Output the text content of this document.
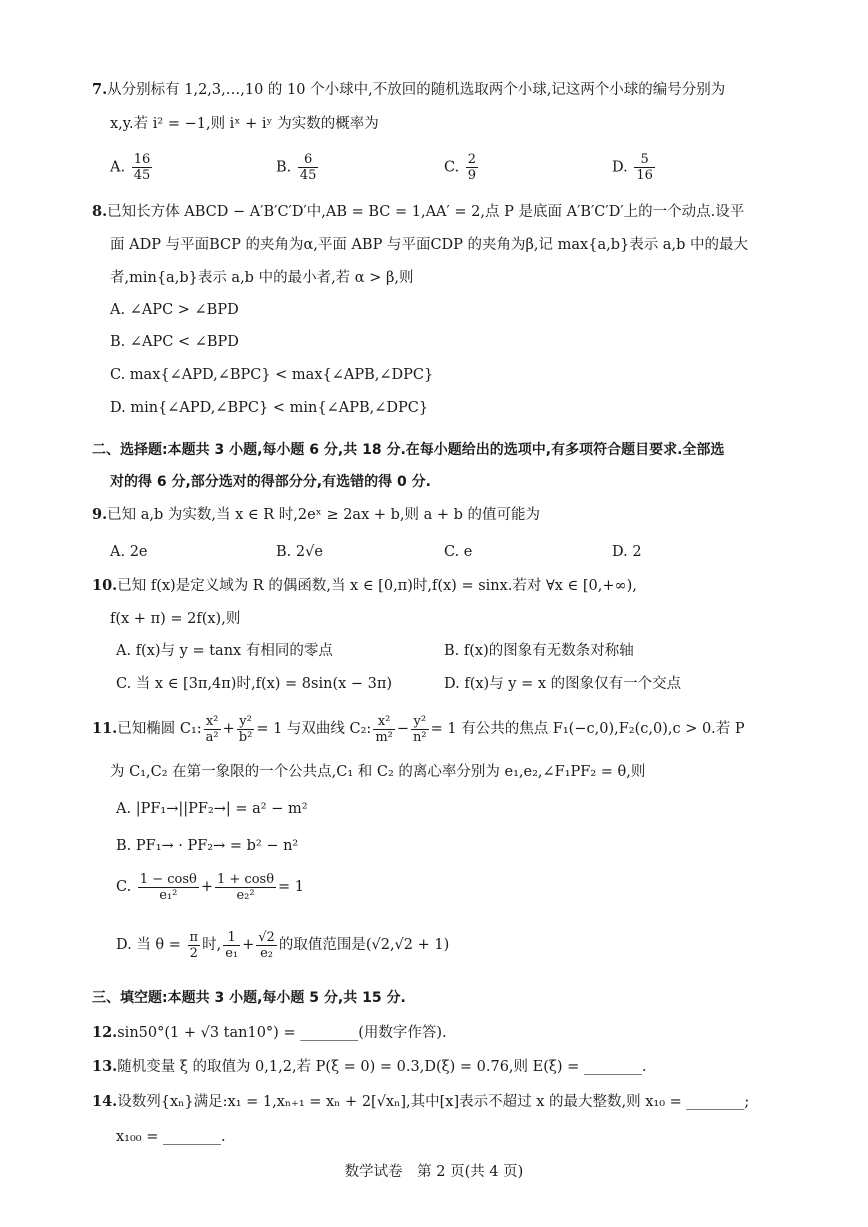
7.从分别标有 1,2,3,…,10 的 10 个小球中,不放回的随机选取两个小球,记这两个小球的编号分别为
x,y.若 i² = −1,则 iˣ + iʸ 为实数的概率为
A. $\frac{16}{45}$	B. $\frac{6}{45}$	C. $\frac{2}{9}$	D. $\frac{5}{16}$
8.已知长方体 ABCD − A′B′C′D′中,AB = BC = 1,AA′ = 2,点 P 是底面 A′B′C′D′上的一个动点.设平
面 ADP 与平面BCP 的夹角为α,平面 ABP 与平面CDP 的夹角为β,记 max{a,b}表示 a,b 中的最大
者,min{a,b}表示 a,b 中的最小者,若 α > β,则
A. ∠APC > ∠BPD
B. ∠APC < ∠BPD
C. max{∠APD,∠BPC} < max{∠APB,∠DPC}
D. min{∠APD,∠BPC} < min{∠APB,∠DPC}
二、选择题:本题共 3 小题,每小题 6 分,共 18 分.在每小题给出的选项中,有多项符合题目要求.全部选
对的得 6 分,部分选对的得部分分,有选错的得 0 分.
9.已知 a,b 为实数,当 x ∈ R 时,2eˣ ≥ 2ax + b,则 a + b 的值可能为
A. 2e	B. 2√e	C. e	D. 2
10.已知 f(x)是定义域为 R 的偶函数,当 x ∈ [0,π)时,f(x) = sinx.若对 ∀x ∈ [0,+∞),
f(x + π) = 2f(x),则
A. f(x)与 y = tanx 有相同的零点	B. f(x)的图象有无数条对称轴
C. 当 x ∈ [3π,4π)时,f(x) = 8sin(x − 3π)	D. f(x)与 y = x 的图象仅有一个交点
11.已知椭圆 C₁: $\frac{\text{x²}}{\text{a²}} + \frac{\text{y²}}{\text{b²}} = 1$ 与双曲线 C₂: $\frac{\text{x²}}{\text{m²}} - \frac{\text{y²}}{\text{n²}} = 1$ 有公共的焦点 F₁(−c,0),F₂(c,0),c > 0.若 P
为 C₁,C₂ 在第一象限的一个公共点,C₁ 和 C₂ 的离心率分别为 e₁,e₂,∠F₁PF₂ = θ,则
A. |PF₁→||PF₂→| = a² − m²
B. PF₁→ · PF₂→ = b² − n²
C. $\frac{1 - \cos\theta}{\text{e₁²}} + \frac{1 + \cos\theta}{\text{e₂²}} = 1$
D. 当 $\theta = \frac{\pi}{2}$ 时, $\frac{1}{\text{e₁}} + \frac{√2}{\text{e₂}}$ 的取值范围是(√2,√2 + 1)
三、填空题:本题共 3 小题,每小题 5 分,共 15 分.
12.sin50°(1 + √3 tan10°) = ________(用数字作答).
13.随机变量 ξ 的取值为 0,1,2,若 P(ξ = 0) = 0.3,D(ξ) = 0.76,则 E(ξ) = ________.
14.设数列{xₙ}满足:x₁ = 1,xₙ₊₁ = xₙ + 2[√xₙ],其中[x]表示不超过 x 的最大整数,则 x₁₀ = ________;
x₁₀₀ = ________.
数学试卷　第 2 页(共 4 页)
